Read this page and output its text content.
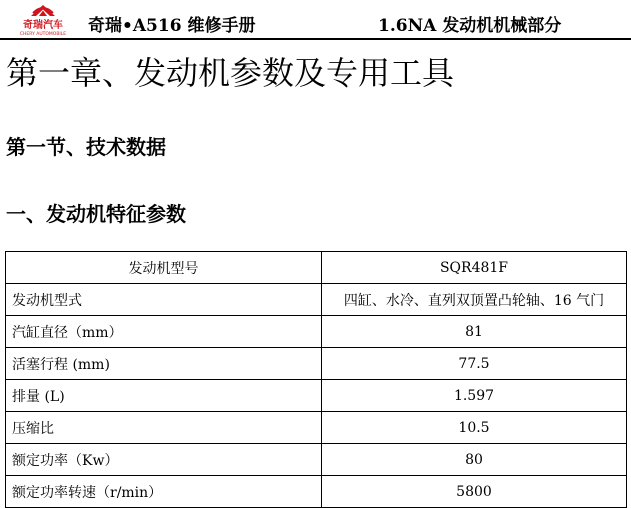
奇瑞汽车
CHERY AUTOMOBILE 奇瑞•A516 维修手册	1.6NA 发动机机械部分
第一章、发动机参数及专用工具
第一节、技术数据
一、发动机特征参数
发动机型号	SQR481F
发动机型式	四缸、水冷、直列双顶置凸轮轴、16 气门
汽缸直径（mm）	81
活塞行程 (mm)	77.5
排量 (L)	1.597
压缩比	10.5
额定功率（Kw）	80
额定功率转速（r/min）	5800
